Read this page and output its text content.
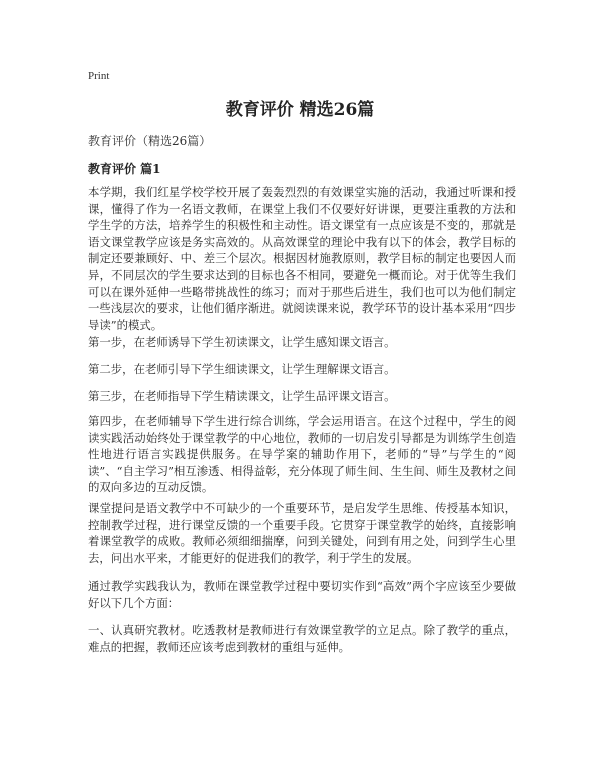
Print
教育评价 精选26篇
教育评价（精选26篇）
教育评价 篇1

本学期，我们红星学校学校开展了轰轰烈烈的有效课堂实施的活动，我通过听课和授课，懂得了作为一名语文教师，在课堂上我们不仅要好好讲课，更要注重教的方法和学生学的方法，培养学生的积极性和主动性。语文课堂有一点应该是不变的，那就是语文课堂教学应该是务实高效的。从高效课堂的理论中我有以下的体会，教学目标的制定还要兼顾好、中、差三个层次。根据因材施教原则，教学目标的制定也要因人而异，不同层次的学生要求达到的目标也各不相同，要避免一概而论。对于优等生我们可以在课外延伸一些略带挑战性的练习；而对于那些后进生，我们也可以为他们制定一些浅层次的要求，让他们循序渐进。就阅读课来说，教学环节的设计基本采用“四步导读”的模式。

第一步，在老师诱导下学生初读课文，让学生感知课文语言。

第二步，在老师引导下学生细读课文，让学生理解课文语言。

第三步，在老师指导下学生精读课文，让学生品评课文语言。

第四步，在老师辅导下学生进行综合训练，学会运用语言。在这个过程中，学生的阅读实践活动始终处于课堂教学的中心地位，教师的一切启发引导都是为训练学生创造性地进行语言实践提供服务。在导学案的辅助作用下，老师的“导”与学生的“阅读”、“自主学习”相互渗透、相得益彰，充分体现了师生间、生生间、师生及教材之间的双向多边的互动反馈。

课堂提问是语文教学中不可缺少的一个重要环节，是启发学生思维、传授基本知识，控制教学过程，进行课堂反馈的一个重要手段。它贯穿于课堂教学的始终，直接影响着课堂教学的成败。教师必须细细揣摩，问到关键处，问到有用之处，问到学生心里去，问出水平来，才能更好的促进我们的教学，利于学生的发展。

通过教学实践我认为，教师在课堂教学过程中要切实作到“高效”两个字应该至少要做好以下几个方面：

一、认真研究教材。吃透教材是教师进行有效课堂教学的立足点。除了教学的重点，难点的把握，教师还应该考虑到教材的重组与延伸。
